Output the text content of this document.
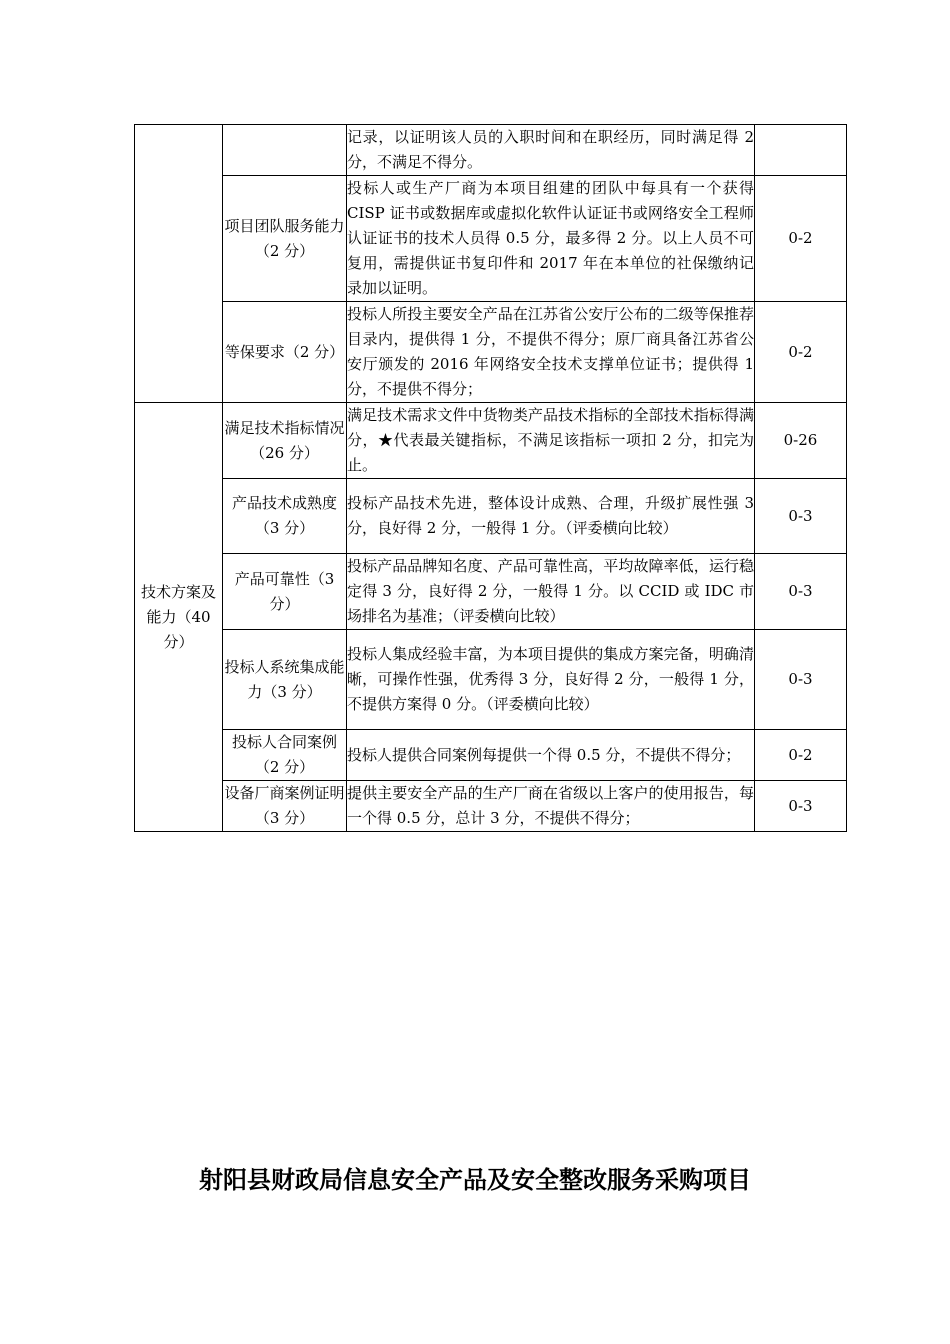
		记录，以证明该人员的入职时间和在职经历，同时满足得 2 分，不满足不得分。	
	项目团队服务能力（2 分）	投标人或生产厂商为本项目组建的团队中每具有一个获得 CISP 证书或数据库或虚拟化软件认证证书或网络安全工程师认证证书的技术人员得 0.5 分，最多得 2 分。以上人员不可复用，需提供证书复印件和 2017 年在本单位的社保缴纳记录加以证明。	0-2
	等保要求（2 分）	投标人所投主要安全产品在江苏省公安厅公布的二级等保推荐目录内，提供得 1 分，不提供不得分；原厂商具备江苏省公安厅颁发的 2016 年网络安全技术支撑单位证书；提供得 1 分，不提供不得分；	0-2
技术方案及能力（40 分）	满足技术指标情况（26 分）	满足技术需求文件中货物类产品技术指标的全部技术指标得满分，★代表最关键指标，不满足该指标一项扣 2 分，扣完为止。	0-26
	产品技术成熟度（3 分）	投标产品技术先进，整体设计成熟、合理，升级扩展性强 3 分，良好得 2 分，一般得 1 分。（评委横向比较）	0-3
	产品可靠性（3 分）	投标产品品牌知名度、产品可靠性高，平均故障率低，运行稳定得 3 分，良好得 2 分，一般得 1 分。以 CCID 或 IDC 市场排名为基准；（评委横向比较）	0-3
	投标人系统集成能力（3 分）	投标人集成经验丰富，为本项目提供的集成方案完备，明确清晰，可操作性强，优秀得 3 分，良好得 2 分，一般得 1 分，不提供方案得 0 分。（评委横向比较）	0-3
	投标人合同案例（2 分）	投标人提供合同案例每提供一个得 0.5 分，不提供不得分；	0-2
	设备厂商案例证明（3 分）	提供主要安全产品的生产厂商在省级以上客户的使用报告，每一个得 0.5 分，总计 3 分，不提供不得分；	0-3
射阳县财政局信息安全产品及安全整改服务采购项目
